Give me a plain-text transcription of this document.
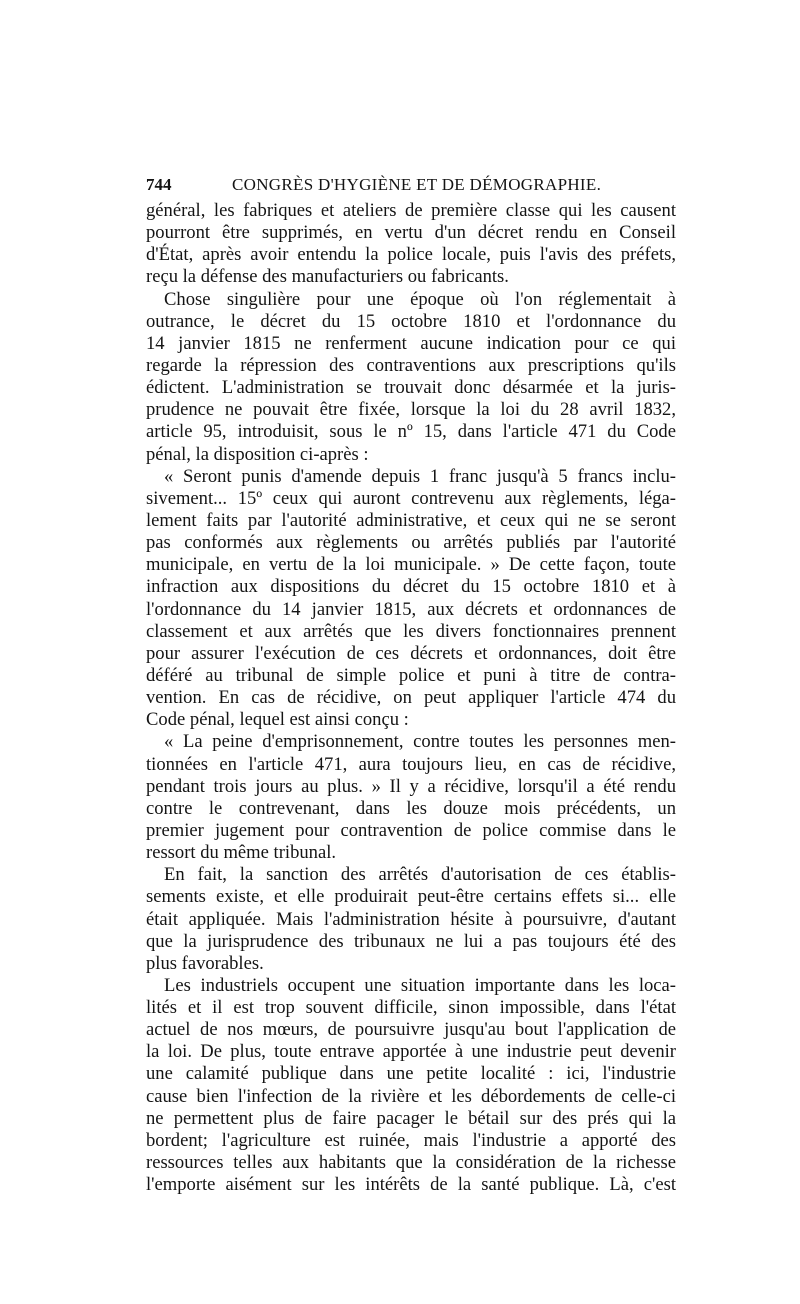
744	CONGRÈS D'HYGIÈNE ET DE DÉMOGRAPHIE.
général, les fabriques et ateliers de première classe qui les causent
pourront être supprimés, en vertu d'un décret rendu en Conseil
d'État, après avoir entendu la police locale, puis l'avis des préfets,
reçu la défense des manufacturiers ou fabricants.
Chose singulière pour une époque où l'on réglementait à
outrance, le décret du 15 octobre 1810 et l'ordonnance du
14 janvier 1815 ne renferment aucune indication pour ce qui
regarde la répression des contraventions aux prescriptions qu'ils
édictent. L'administration se trouvait donc désarmée et la juris-
prudence ne pouvait être fixée, lorsque la loi du 28 avril 1832,
article 95, introduisit, sous le nº 15, dans l'article 471 du Code
pénal, la disposition ci-après :
« Seront punis d'amende depuis 1 franc jusqu'à 5 francs inclu-
sivement... 15º ceux qui auront contrevenu aux règlements, léga-
lement faits par l'autorité administrative, et ceux qui ne se seront
pas conformés aux règlements ou arrêtés publiés par l'autorité
municipale, en vertu de la loi municipale. » De cette façon, toute
infraction aux dispositions du décret du 15 octobre 1810 et à
l'ordonnance du 14 janvier 1815, aux décrets et ordonnances de
classement et aux arrêtés que les divers fonctionnaires prennent
pour assurer l'exécution de ces décrets et ordonnances, doit être
déféré au tribunal de simple police et puni à titre de contra-
vention. En cas de récidive, on peut appliquer l'article 474 du
Code pénal, lequel est ainsi conçu :
« La peine d'emprisonnement, contre toutes les personnes men-
tionnées en l'article 471, aura toujours lieu, en cas de récidive,
pendant trois jours au plus. » Il y a récidive, lorsqu'il a été rendu
contre le contrevenant, dans les douze mois précédents, un
premier jugement pour contravention de police commise dans le
ressort du même tribunal.
En fait, la sanction des arrêtés d'autorisation de ces établis-
sements existe, et elle produirait peut-être certains effets si... elle
était appliquée. Mais l'administration hésite à poursuivre, d'autant
que la jurisprudence des tribunaux ne lui a pas toujours été des
plus favorables.
Les industriels occupent une situation importante dans les loca-
lités et il est trop souvent difficile, sinon impossible, dans l'état
actuel de nos mœurs, de poursuivre jusqu'au bout l'application de
la loi. De plus, toute entrave apportée à une industrie peut devenir
une calamité publique dans une petite localité : ici, l'industrie
cause bien l'infection de la rivière et les débordements de celle-ci
ne permettent plus de faire pacager le bétail sur des prés qui la
bordent; l'agriculture est ruinée, mais l'industrie a apporté des
ressources telles aux habitants que la considération de la richesse
l'emporte aisément sur les intérêts de la santé publique. Là, c'est
